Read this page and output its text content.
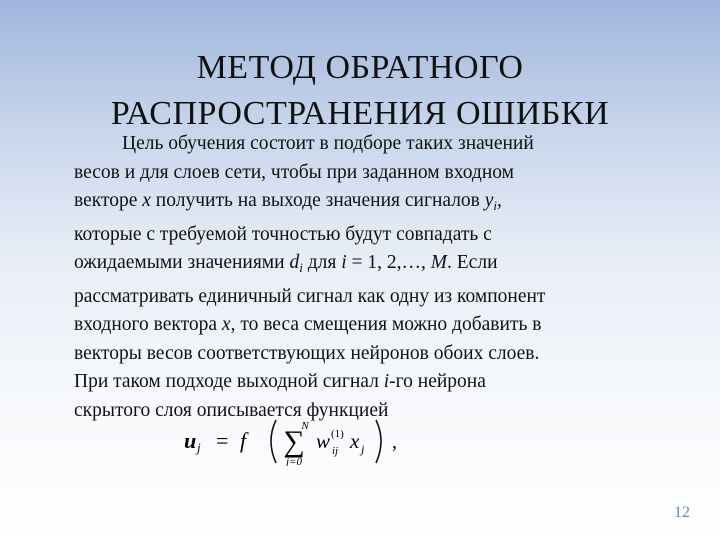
МЕТОД ОБРАТНОГО
РАСПРОСТРАНЕНИЯ ОШИБКИ
Цель обучения состоит в подборе таких значений
весов и для слоев сети, чтобы при заданном входном
векторе x получить на выходе значения сигналов $y_i$,
которые с требуемой точностью будут совпадать с
ожидаемыми значениями $d_i$ для i = 1, 2,…, M. Если
рассматривать единичный сигнал как одну из компонент
входного вектора x, то веса смещения можно добавить в
векторы весов соответствующих нейронов обоих слоев.
При таком подходе выходной сигнал i-го нейрона
скрытого слоя описывается функцией
u j = f
N
∑
j=0
w (1)
ij x j ,
12
